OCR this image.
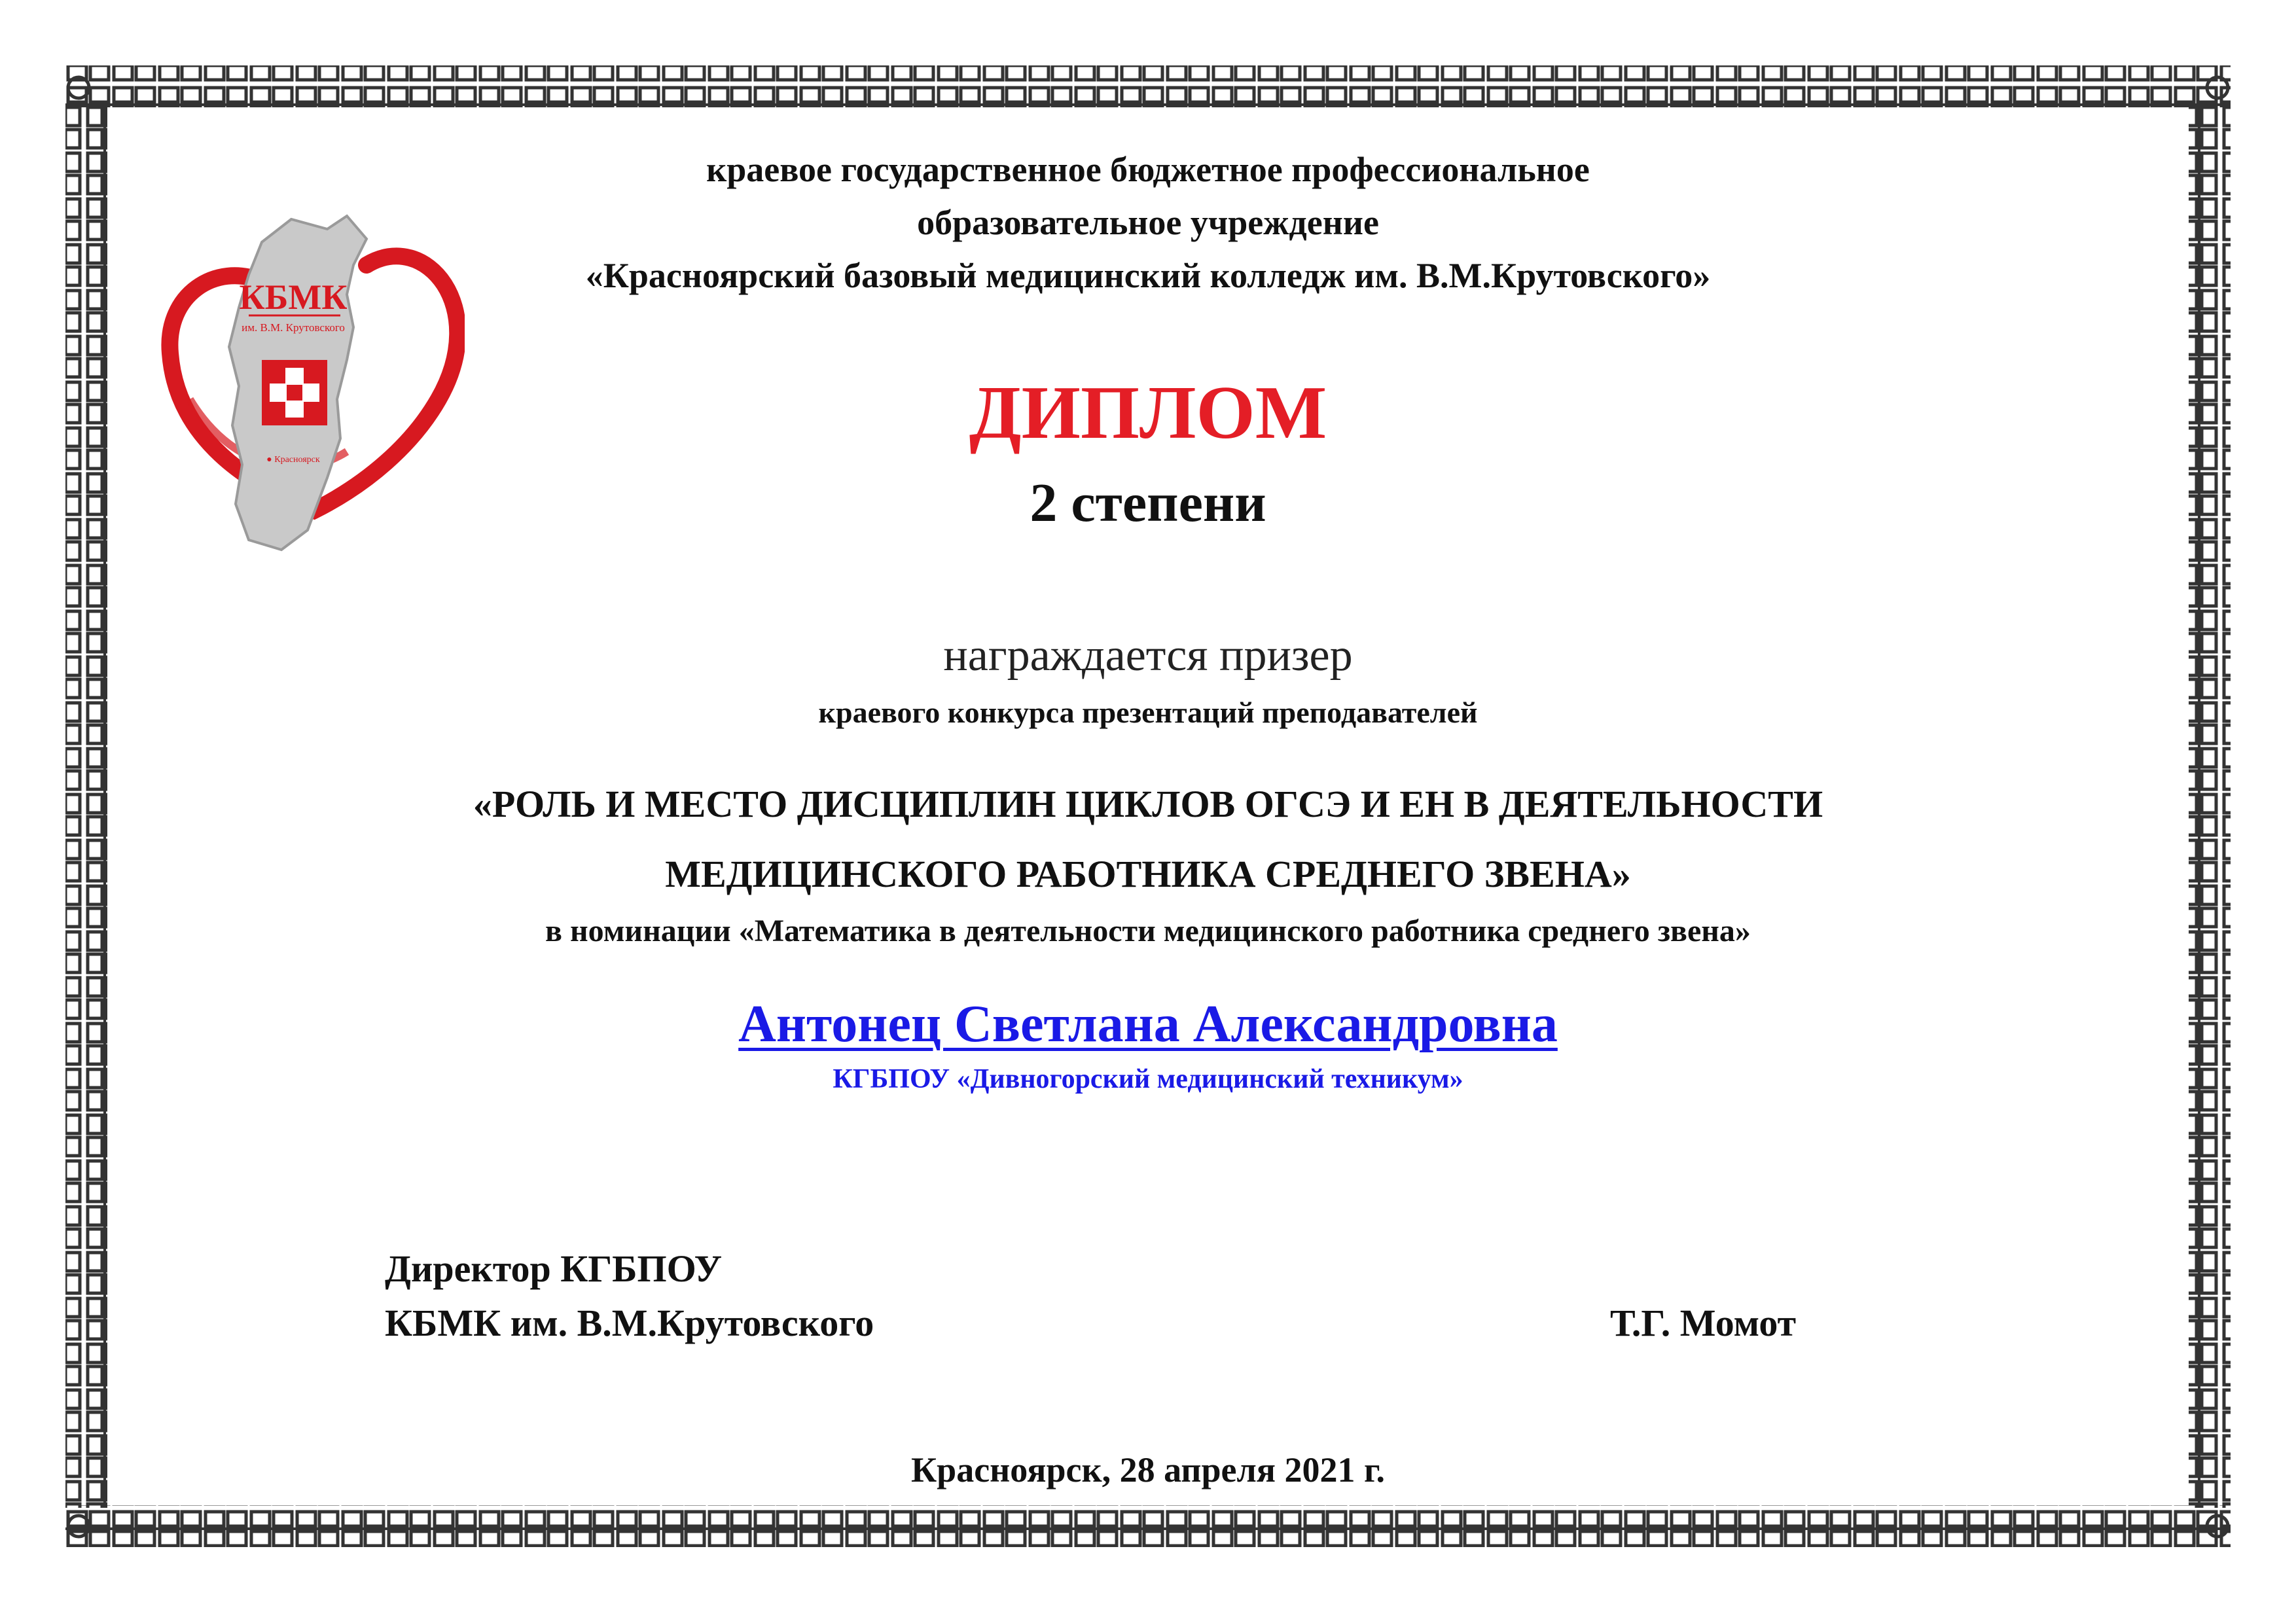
КБМК
им. В.М. Крутовского
● Красноярск
краевое государственное бюджетное профессиональное
образовательное учреждение
«Красноярский базовый медицинский колледж им. В.М.Крутовского»
ДИПЛОМ
2 степени
награждается призер
краевого конкурса презентаций преподавателей
«РОЛЬ И МЕСТО ДИСЦИПЛИН ЦИКЛОВ ОГСЭ И ЕН В ДЕЯТЕЛЬНОСТИ
МЕДИЦИНСКОГО РАБОТНИКА СРЕДНЕГО ЗВЕНА»
в номинации «Математика в деятельности медицинского работника среднего звена»
Антонец Светлана Александровна
КГБПОУ «Дивногорский медицинский техникум»
Директор КГБПОУ
КБМК им. В.М.Крутовского	Т.Г. Момот
Красноярск, 28 апреля 2021 г.
